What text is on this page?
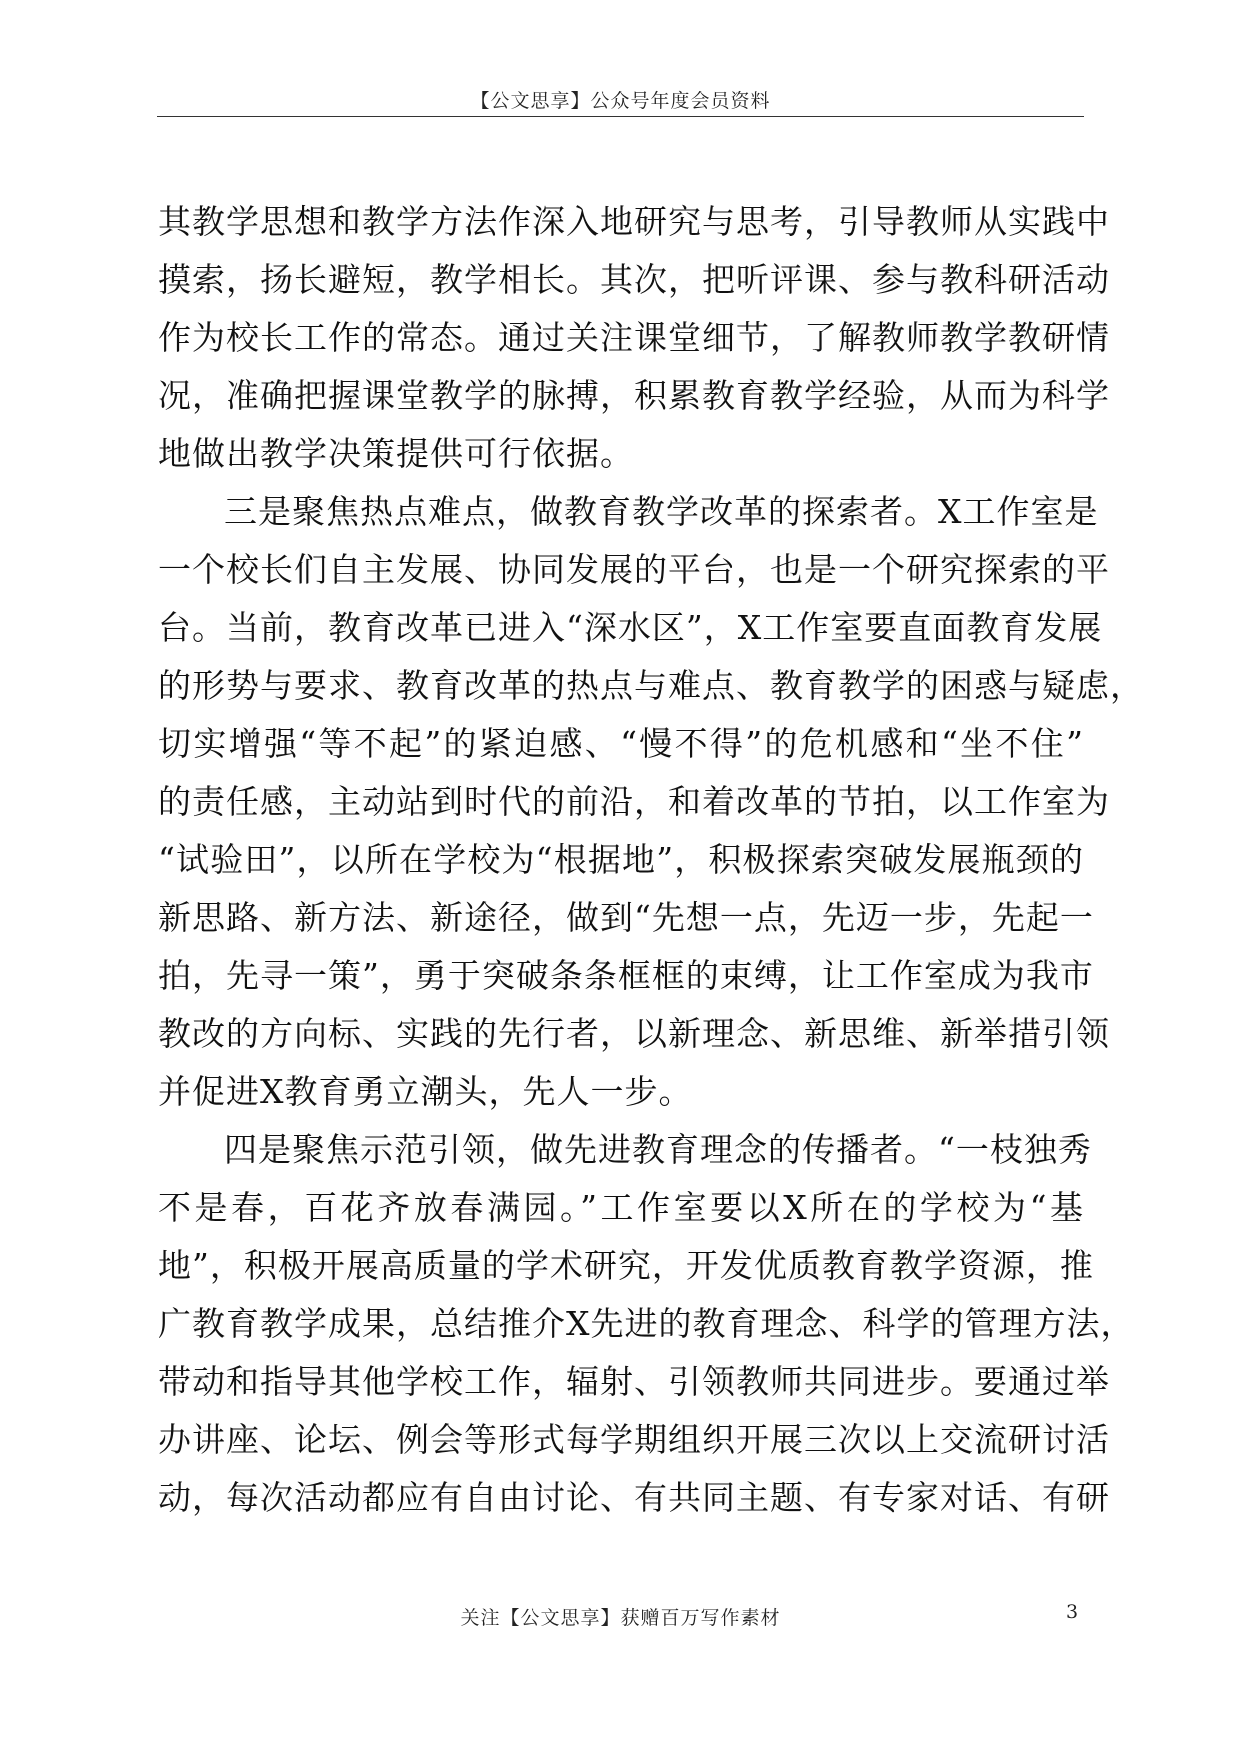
【公文思享】公众号年度会员资料
其教学思想和教学方法作深入地研究与思考，引导教师从实践中
摸索，扬长避短，教学相长。其次，把听评课、参与教科研活动
作为校长工作的常态。通过关注课堂细节，了解教师教学教研情
况，准确把握课堂教学的脉搏，积累教育教学经验，从而为科学
地做出教学决策提供可行依据。
三是聚焦热点难点，做教育教学改革的探索者。X工作室是
一个校长们自主发展、协同发展的平台，也是一个研究探索的平
台。当前，教育改革已进入“深水区”，X工作室要直面教育发展
的形势与要求、教育改革的热点与难点、教育教学的困惑与疑虑，
切实增强“等不起”的紧迫感、“慢不得”的危机感和“坐不住”
的责任感，主动站到时代的前沿，和着改革的节拍，以工作室为
“试验田”，以所在学校为“根据地”，积极探索突破发展瓶颈的
新思路、新方法、新途径，做到“先想一点，先迈一步，先起一
拍，先寻一策”，勇于突破条条框框的束缚，让工作室成为我市
教改的方向标、实践的先行者，以新理念、新思维、新举措引领
并促进X教育勇立潮头，先人一步。
四是聚焦示范引领，做先进教育理念的传播者。“一枝独秀
不是春，百花齐放春满园。”工作室要以X所在的学校为“基
地”，积极开展高质量的学术研究，开发优质教育教学资源，推
广教育教学成果，总结推介X先进的教育理念、科学的管理方法，
带动和指导其他学校工作，辐射、引领教师共同进步。要通过举
办讲座、论坛、例会等形式每学期组织开展三次以上交流研讨活
动，每次活动都应有自由讨论、有共同主题、有专家对话、有研
关注【公文思享】获赠百万写作素材	3
